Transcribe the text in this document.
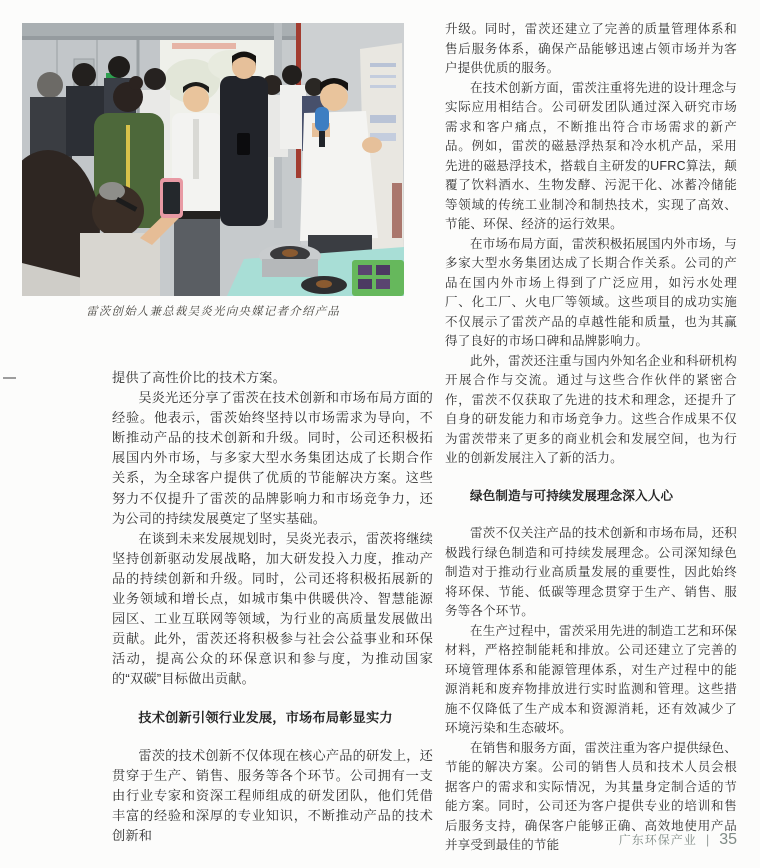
雷茨创始人兼总裁吴炎光向央媒记者介绍产品

提供了高性价比的技术方案。

吴炎光还分享了雷茨在技术创新和市场布局方面的经验。他表示，雷茨始终坚持以市场需求为导向，不断推动产品的技术创新和升级。同时，公司还积极拓展国内外市场，与多家大型水务集团达成了长期合作关系，为全球客户提供了优质的节能解决方案。这些努力不仅提升了雷茨的品牌影响力和市场竞争力，还为公司的持续发展奠定了坚实基础。

在谈到未来发展规划时，吴炎光表示，雷茨将继续坚持创新驱动发展战略，加大研发投入力度，推动产品的持续创新和升级。同时，公司还将积极拓展新的业务领域和增长点，如城市集中供暖供冷、智慧能源园区、工业互联网等领域，为行业的高质量发展做出贡献。此外，雷茨还将积极参与社会公益事业和环保活动，提高公众的环保意识和参与度，为推动国家的“双碳”目标做出贡献。

技术创新引领行业发展，市场布局彰显实力

雷茨的技术创新不仅体现在核心产品的研发上，还贯穿于生产、销售、服务等各个环节。公司拥有一支由行业专家和资深工程师组成的研发团队，他们凭借丰富的经验和深厚的专业知识，不断推动产品的技术创新和

升级。同时，雷茨还建立了完善的质量管理体系和售后服务体系，确保产品能够迅速占领市场并为客户提供优质的服务。

在技术创新方面，雷茨注重将先进的设计理念与实际应用相结合。公司研发团队通过深入研究市场需求和客户痛点，不断推出符合市场需求的新产品。例如，雷茨的磁悬浮热泵和冷水机产品，采用先进的磁悬浮技术，搭载自主研发的UFRC算法，颠覆了饮料酒水、生物发酵、污泥干化、冰蓄冷储能等领域的传统工业制冷和制热技术，实现了高效、节能、环保、经济的运行效果。

在市场布局方面，雷茨积极拓展国内外市场，与多家大型水务集团达成了长期合作关系。公司的产品在国内外市场上得到了广泛应用，如污水处理厂、化工厂、火电厂等领域。这些项目的成功实施不仅展示了雷茨产品的卓越性能和质量，也为其赢得了良好的市场口碑和品牌影响力。

此外，雷茨还注重与国内外知名企业和科研机构开展合作与交流。通过与这些合作伙伴的紧密合作，雷茨不仅获取了先进的技术和理念，还提升了自身的研发能力和市场竞争力。这些合作成果不仅为雷茨带来了更多的商业机会和发展空间，也为行业的创新发展注入了新的活力。

绿色制造与可持续发展理念深入人心

雷茨不仅关注产品的技术创新和市场布局，还积极践行绿色制造和可持续发展理念。公司深知绿色制造对于推动行业高质量发展的重要性，因此始终将环保、节能、低碳等理念贯穿于生产、销售、服务等各个环节。

在生产过程中，雷茨采用先进的制造工艺和环保材料，严格控制能耗和排放。公司还建立了完善的环境管理体系和能源管理体系，对生产过程中的能源消耗和废弃物排放进行实时监测和管理。这些措施不仅降低了生产成本和资源消耗，还有效减少了环境污染和生态破坏。

在销售和服务方面，雷茨注重为客户提供绿色、节能的解决方案。公司的销售人员和技术人员会根据客户的需求和实际情况，为其量身定制合适的节能方案。同时，公司还为客户提供专业的培训和售后服务支持，确保客户能够正确、高效地使用产品并享受到最佳的节能	广东环保产业 | 35
